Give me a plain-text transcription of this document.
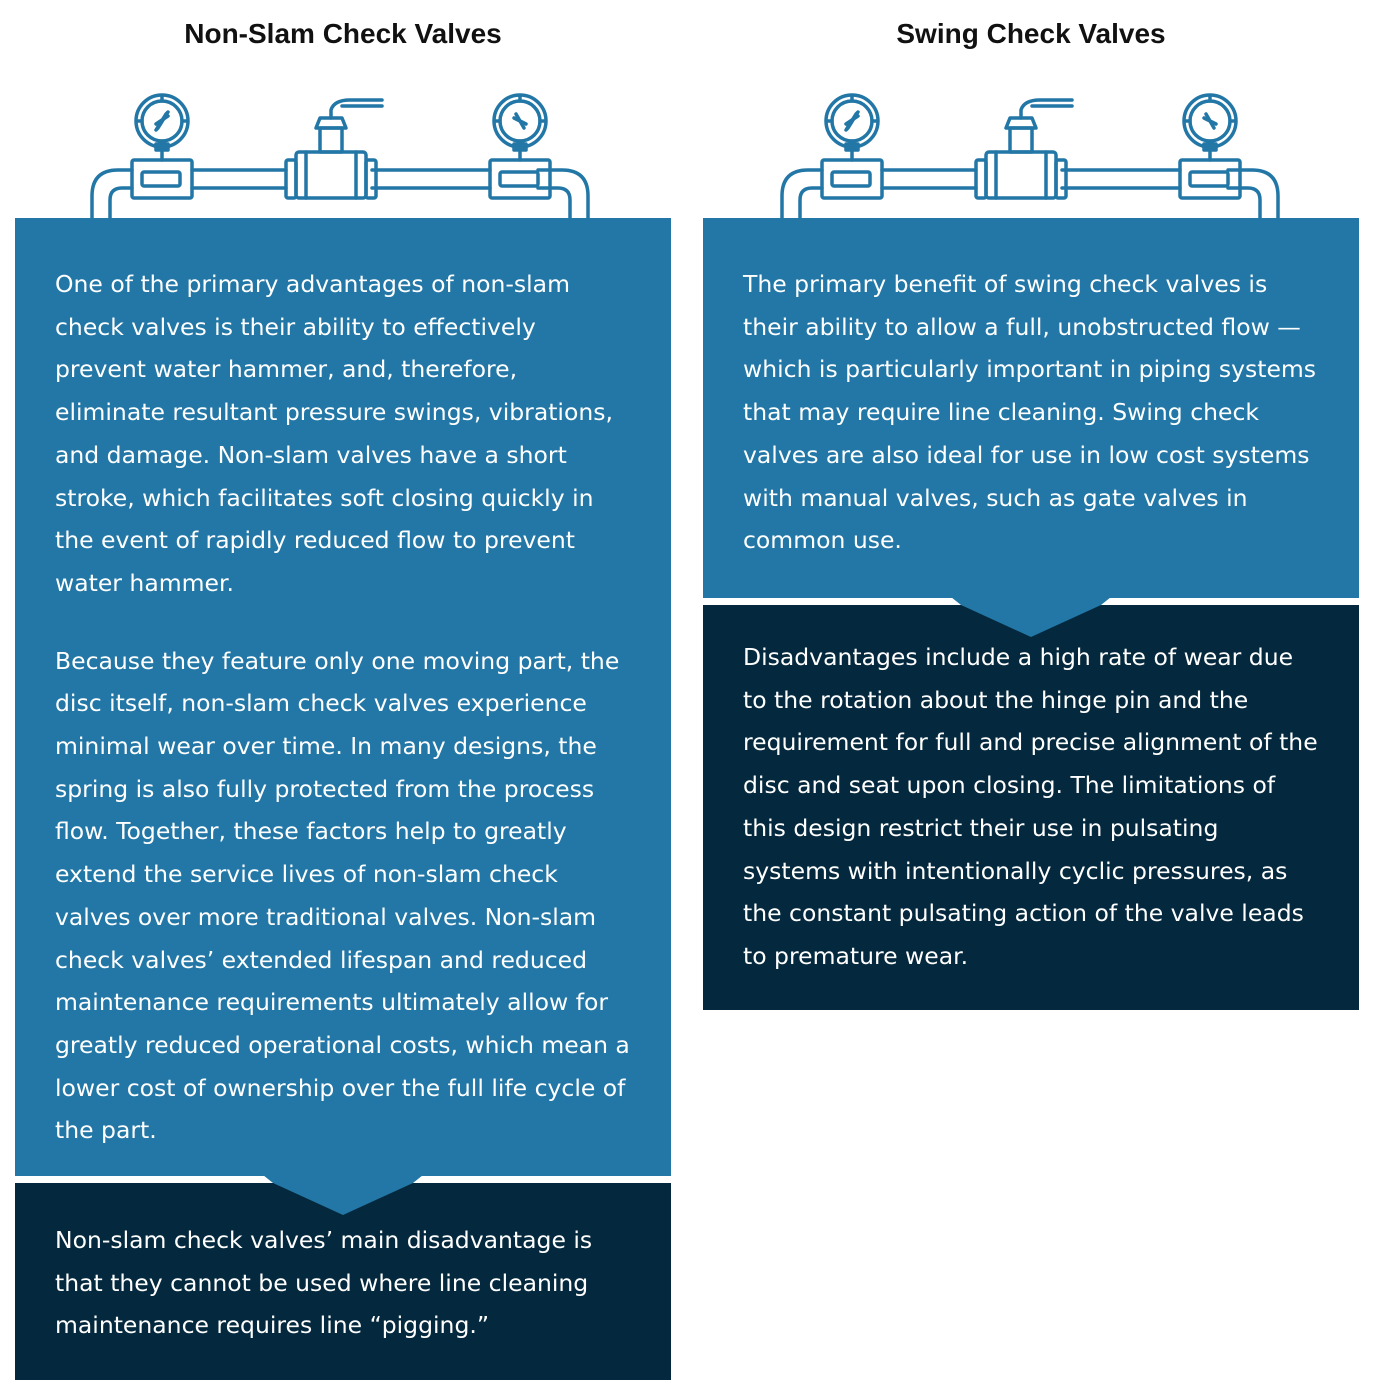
Non-Slam Check Valves	Swing Check Valves

One of the primary advantages of non-slam check valves is their ability to effectively prevent water hammer, and, therefore, eliminate resultant pressure swings, vibrations, and damage. Non-slam valves have a short stroke, which facilitates soft closing quickly in the event of rapidly reduced flow to prevent water hammer.

Because they feature only one moving part, the disc itself, non-slam check valves experience minimal wear over time. In many designs, the spring is also fully protected from the process flow. Together, these factors help to greatly extend the service lives of non-slam check valves over more traditional valves. Non-slam check valves’ extended lifespan and reduced maintenance requirements ultimately allow for greatly reduced operational costs, which mean a lower cost of ownership over the full life cycle of the part.

Non-slam check valves’ main disadvantage is that they cannot be used where line cleaning maintenance requires line “pigging.”

The primary benefit of swing check valves is their ability to allow a full, unobstructed flow — which is particularly important in piping systems that may require line cleaning. Swing check valves are also ideal for use in low cost systems with manual valves, such as gate valves in common use.

Disadvantages include a high rate of wear due to the rotation about the hinge pin and the requirement for full and precise alignment of the disc and seat upon closing. The limitations of this design restrict their use in pulsating systems with intentionally cyclic pressures, as the constant pulsating action of the valve leads to premature wear.
